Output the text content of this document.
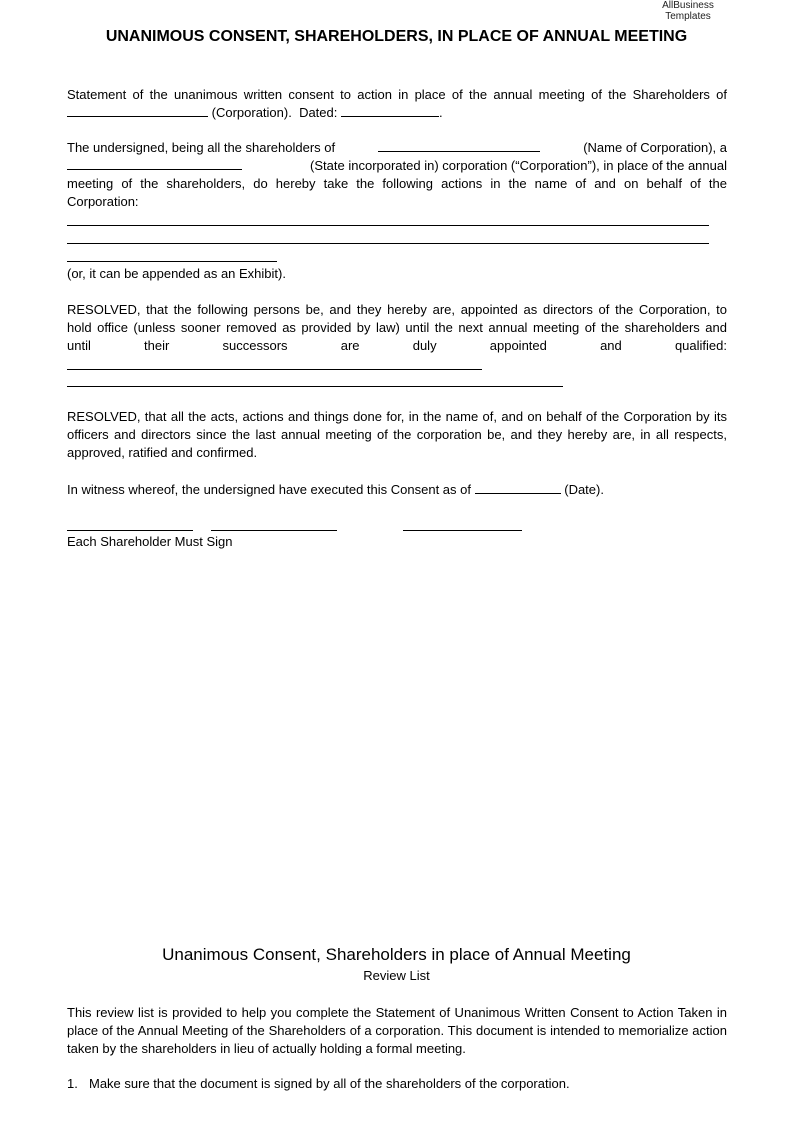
AllBusiness
Templates
UNANIMOUS CONSENT, SHAREHOLDERS, IN PLACE OF ANNUAL MEETING
Statement of the unanimous written consent to action in place of the annual meeting of the Shareholders of
(Corporation). Dated:	.
The undersigned, being all the shareholders of	(Name of Corporation), a
(State incorporated in) corporation (“Corporation”), in place of the annual
meeting of the shareholders, do hereby take the following actions in the name of and on behalf of the
Corporation:
(or, it can be appended as an Exhibit).
RESOLVED, that the following persons be, and they hereby are, appointed as directors of the Corporation, to
hold office (unless sooner removed as provided by law) until the next annual meeting of the shareholders and
until their successors are duly appointed and qualified:
RESOLVED, that all the acts, actions and things done for, in the name of, and on behalf of the Corporation by its officers and directors since the last annual meeting of the corporation be, and they hereby are, in all respects, approved, ratified and confirmed.
In witness whereof, the undersigned have executed this Consent as of	(Date).
Each Shareholder Must Sign
Unanimous Consent, Shareholders in place of Annual Meeting
Review List
This review list is provided to help you complete the Statement of Unanimous Written Consent to Action Taken in place of the Annual Meeting of the Shareholders of a corporation. This document is intended to memorialize action taken by the shareholders in lieu of actually holding a formal meeting.
1. Make sure that the document is signed by all of the shareholders of the corporation.
